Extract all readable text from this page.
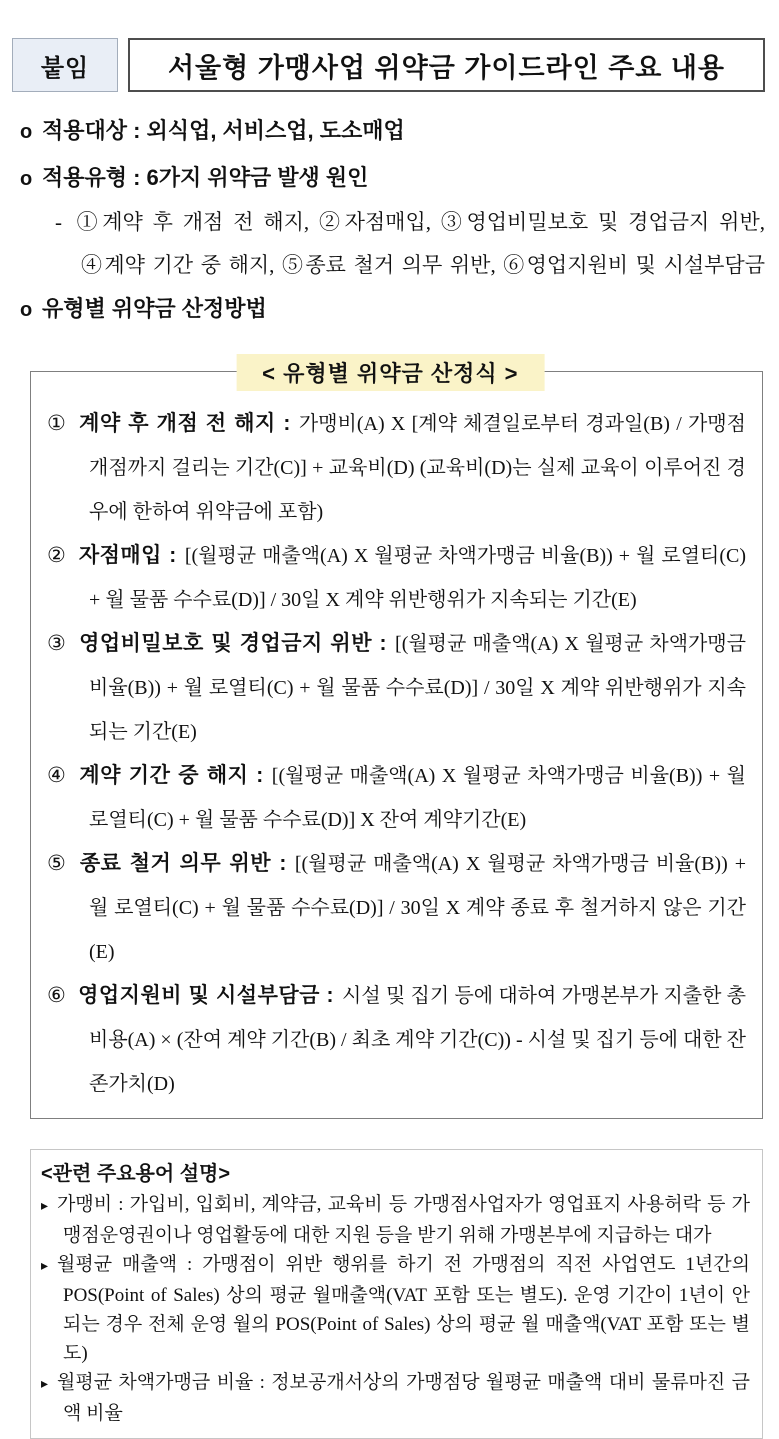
붙임	서울형 가맹사업 위약금 가이드라인 주요 내용
o 적용대상 : 외식업, 서비스업, 도소매업
o 적용유형 : 6가지 위약금 발생 원인
- ①계약 후 개점 전 해지, ②자점매입, ③영업비밀보호 및 경업금지 위반,
④계약 기간 중 해지, ⑤종료 철거 의무 위반, ⑥영업지원비 및 시설부담금
o 유형별 위약금 산정방법
< 유형별 위약금 산정식 >
① 계약 후 개점 전 해지 : 가맹비(A) X [계약 체결일로부터 경과일(B) / 가맹점 개점까지 걸리는 기간(C)] + 교육비(D) (교육비(D)는 실제 교육이 이루어진 경우에 한하여 위약금에 포함)
② 자점매입 : [(월평균 매출액(A) X 월평균 차액가맹금 비율(B)) + 월 로열티(C) + 월 물품 수수료(D)] / 30일 X 계약 위반행위가 지속되는 기간(E)
③ 영업비밀보호 및 경업금지 위반 : [(월평균 매출액(A) X 월평균 차액가맹금 비율(B)) + 월 로열티(C) + 월 물품 수수료(D)] / 30일 X 계약 위반행위가 지속되는 기간(E)
④ 계약 기간 중 해지 : [(월평균 매출액(A) X 월평균 차액가맹금 비율(B)) + 월 로열티(C) + 월 물품 수수료(D)] X 잔여 계약기간(E)
⑤ 종료 철거 의무 위반 : [(월평균 매출액(A) X 월평균 차액가맹금 비율(B)) + 월 로열티(C) + 월 물품 수수료(D)] / 30일 X 계약 종료 후 철거하지 않은 기간(E)
⑥ 영업지원비 및 시설부담금 : 시설 및 집기 등에 대하여 가맹본부가 지출한 총 비용(A) × (잔여 계약 기간(B) / 최초 계약 기간(C)) - 시설 및 집기 등에 대한 잔존가치(D)
<관련 주요용어 설명>
▸ 가맹비 : 가입비, 입회비, 계약금, 교육비 등 가맹점사업자가 영업표지 사용허락 등 가맹점운영권이나 영업활동에 대한 지원 등을 받기 위해 가맹본부에 지급하는 대가
▸ 월평균 매출액 : 가맹점이 위반 행위를 하기 전 가맹점의 직전 사업연도 1년간의 POS(Point of Sales) 상의 평균 월매출액(VAT 포함 또는 별도). 운영 기간이 1년이 안 되는 경우 전체 운영 월의 POS(Point of Sales) 상의 평균 월 매출액(VAT 포함 또는 별도)
▸ 월평균 차액가맹금 비율 : 정보공개서상의 가맹점당 월평균 매출액 대비 물류마진 금액 비율
